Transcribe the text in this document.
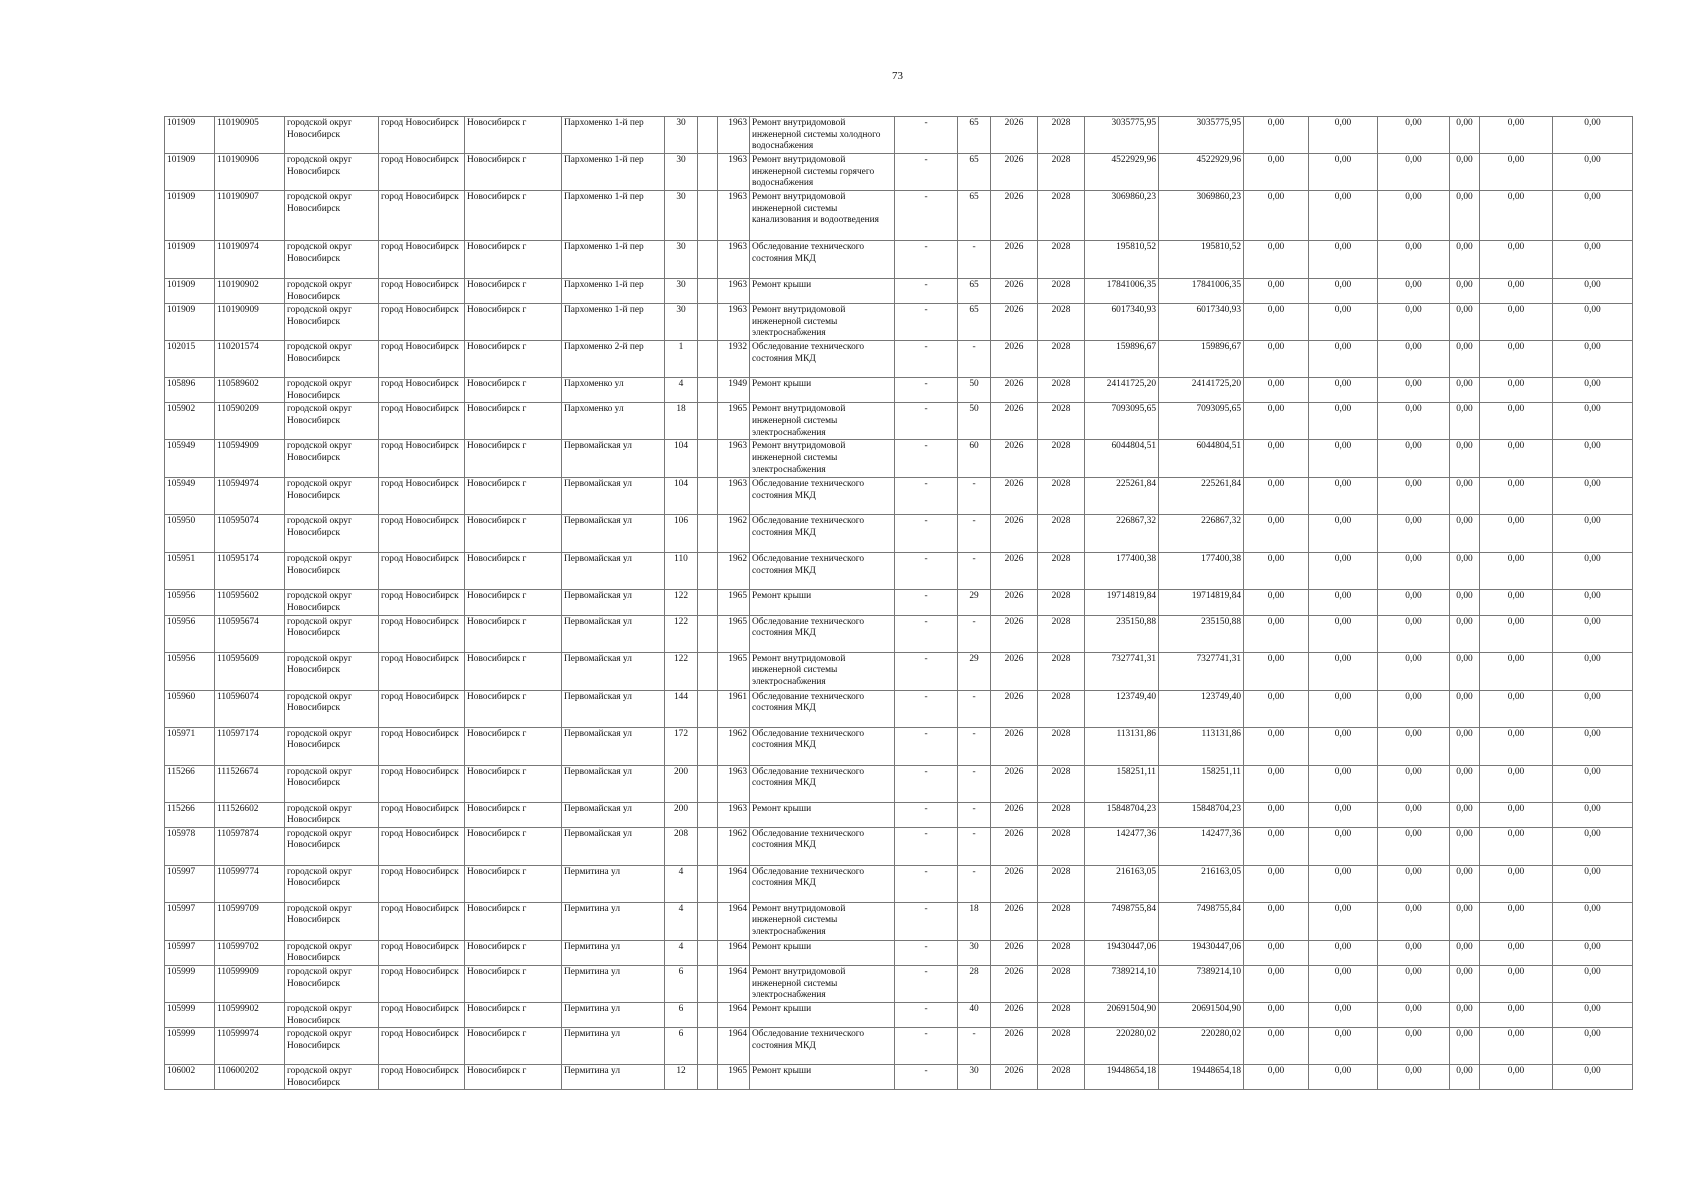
73
101909	110190905	городской округ Новосибирск	город Новосибирск	Новосибирск г	Пархоменко 1-й пер	30		1963	Ремонт внутридомовой инженерной системы холодного водоснабжения	-	65	2026	2028	3035775,95	3035775,95	0,00	0,00	0,00	0,00	0,00	0,00
101909	110190906	городской округ Новосибирск	город Новосибирск	Новосибирск г	Пархоменко 1-й пер	30		1963	Ремонт внутридомовой инженерной системы горячего водоснабжения	-	65	2026	2028	4522929,96	4522929,96	0,00	0,00	0,00	0,00	0,00	0,00
101909	110190907	городской округ Новосибирск	город Новосибирск	Новосибирск г	Пархоменко 1-й пер	30		1963	Ремонт внутридомовой инженерной системы канализования и водоотведения	-	65	2026	2028	3069860,23	3069860,23	0,00	0,00	0,00	0,00	0,00	0,00
101909	110190974	городской округ Новосибирск	город Новосибирск	Новосибирск г	Пархоменко 1-й пер	30		1963	Обследование технического состояния МКД	-	-	2026	2028	195810,52	195810,52	0,00	0,00	0,00	0,00	0,00	0,00
101909	110190902	городской округ Новосибирск	город Новосибирск	Новосибирск г	Пархоменко 1-й пер	30		1963	Ремонт крыши	-	65	2026	2028	17841006,35	17841006,35	0,00	0,00	0,00	0,00	0,00	0,00
101909	110190909	городской округ Новосибирск	город Новосибирск	Новосибирск г	Пархоменко 1-й пер	30		1963	Ремонт внутридомовой инженерной системы электроснабжения	-	65	2026	2028	6017340,93	6017340,93	0,00	0,00	0,00	0,00	0,00	0,00
102015	110201574	городской округ Новосибирск	город Новосибирск	Новосибирск г	Пархоменко 2-й пер	1		1932	Обследование технического состояния МКД	-	-	2026	2028	159896,67	159896,67	0,00	0,00	0,00	0,00	0,00	0,00
105896	110589602	городской округ Новосибирск	город Новосибирск	Новосибирск г	Пархоменко ул	4		1949	Ремонт крыши	-	50	2026	2028	24141725,20	24141725,20	0,00	0,00	0,00	0,00	0,00	0,00
105902	110590209	городской округ Новосибирск	город Новосибирск	Новосибирск г	Пархоменко ул	18		1965	Ремонт внутридомовой инженерной системы электроснабжения	-	50	2026	2028	7093095,65	7093095,65	0,00	0,00	0,00	0,00	0,00	0,00
105949	110594909	городской округ Новосибирск	город Новосибирск	Новосибирск г	Первомайская ул	104		1963	Ремонт внутридомовой инженерной системы электроснабжения	-	60	2026	2028	6044804,51	6044804,51	0,00	0,00	0,00	0,00	0,00	0,00
105949	110594974	городской округ Новосибирск	город Новосибирск	Новосибирск г	Первомайская ул	104		1963	Обследование технического состояния МКД	-	-	2026	2028	225261,84	225261,84	0,00	0,00	0,00	0,00	0,00	0,00
105950	110595074	городской округ Новосибирск	город Новосибирск	Новосибирск г	Первомайская ул	106		1962	Обследование технического состояния МКД	-	-	2026	2028	226867,32	226867,32	0,00	0,00	0,00	0,00	0,00	0,00
105951	110595174	городской округ Новосибирск	город Новосибирск	Новосибирск г	Первомайская ул	110		1962	Обследование технического состояния МКД	-	-	2026	2028	177400,38	177400,38	0,00	0,00	0,00	0,00	0,00	0,00
105956	110595602	городской округ Новосибирск	город Новосибирск	Новосибирск г	Первомайская ул	122		1965	Ремонт крыши	-	29	2026	2028	19714819,84	19714819,84	0,00	0,00	0,00	0,00	0,00	0,00
105956	110595674	городской округ Новосибирск	город Новосибирск	Новосибирск г	Первомайская ул	122		1965	Обследование технического состояния МКД	-	-	2026	2028	235150,88	235150,88	0,00	0,00	0,00	0,00	0,00	0,00
105956	110595609	городской округ Новосибирск	город Новосибирск	Новосибирск г	Первомайская ул	122		1965	Ремонт внутридомовой инженерной системы электроснабжения	-	29	2026	2028	7327741,31	7327741,31	0,00	0,00	0,00	0,00	0,00	0,00
105960	110596074	городской округ Новосибирск	город Новосибирск	Новосибирск г	Первомайская ул	144		1961	Обследование технического состояния МКД	-	-	2026	2028	123749,40	123749,40	0,00	0,00	0,00	0,00	0,00	0,00
105971	110597174	городской округ Новосибирск	город Новосибирск	Новосибирск г	Первомайская ул	172		1962	Обследование технического состояния МКД	-	-	2026	2028	113131,86	113131,86	0,00	0,00	0,00	0,00	0,00	0,00
115266	111526674	городской округ Новосибирск	город Новосибирск	Новосибирск г	Первомайская ул	200		1963	Обследование технического состояния МКД	-	-	2026	2028	158251,11	158251,11	0,00	0,00	0,00	0,00	0,00	0,00
115266	111526602	городской округ Новосибирск	город Новосибирск	Новосибирск г	Первомайская ул	200		1963	Ремонт крыши	-	-	2026	2028	15848704,23	15848704,23	0,00	0,00	0,00	0,00	0,00	0,00
105978	110597874	городской округ Новосибирск	город Новосибирск	Новосибирск г	Первомайская ул	208		1962	Обследование технического состояния МКД	-	-	2026	2028	142477,36	142477,36	0,00	0,00	0,00	0,00	0,00	0,00
105997	110599774	городской округ Новосибирск	город Новосибирск	Новосибирск г	Пермитина ул	4		1964	Обследование технического состояния МКД	-	-	2026	2028	216163,05	216163,05	0,00	0,00	0,00	0,00	0,00	0,00
105997	110599709	городской округ Новосибирск	город Новосибирск	Новосибирск г	Пермитина ул	4		1964	Ремонт внутридомовой инженерной системы электроснабжения	-	18	2026	2028	7498755,84	7498755,84	0,00	0,00	0,00	0,00	0,00	0,00
105997	110599702	городской округ Новосибирск	город Новосибирск	Новосибирск г	Пермитина ул	4		1964	Ремонт крыши	-	30	2026	2028	19430447,06	19430447,06	0,00	0,00	0,00	0,00	0,00	0,00
105999	110599909	городской округ Новосибирск	город Новосибирск	Новосибирск г	Пермитина ул	6		1964	Ремонт внутридомовой инженерной системы электроснабжения	-	28	2026	2028	7389214,10	7389214,10	0,00	0,00	0,00	0,00	0,00	0,00
105999	110599902	городской округ Новосибирск	город Новосибирск	Новосибирск г	Пермитина ул	6		1964	Ремонт крыши	-	40	2026	2028	20691504,90	20691504,90	0,00	0,00	0,00	0,00	0,00	0,00
105999	110599974	городской округ Новосибирск	город Новосибирск	Новосибирск г	Пермитина ул	6		1964	Обследование технического состояния МКД	-	-	2026	2028	220280,02	220280,02	0,00	0,00	0,00	0,00	0,00	0,00
106002	110600202	городской округ Новосибирск	город Новосибирск	Новосибирск г	Пермитина ул	12		1965	Ремонт крыши	-	30	2026	2028	19448654,18	19448654,18	0,00	0,00	0,00	0,00	0,00	0,00
